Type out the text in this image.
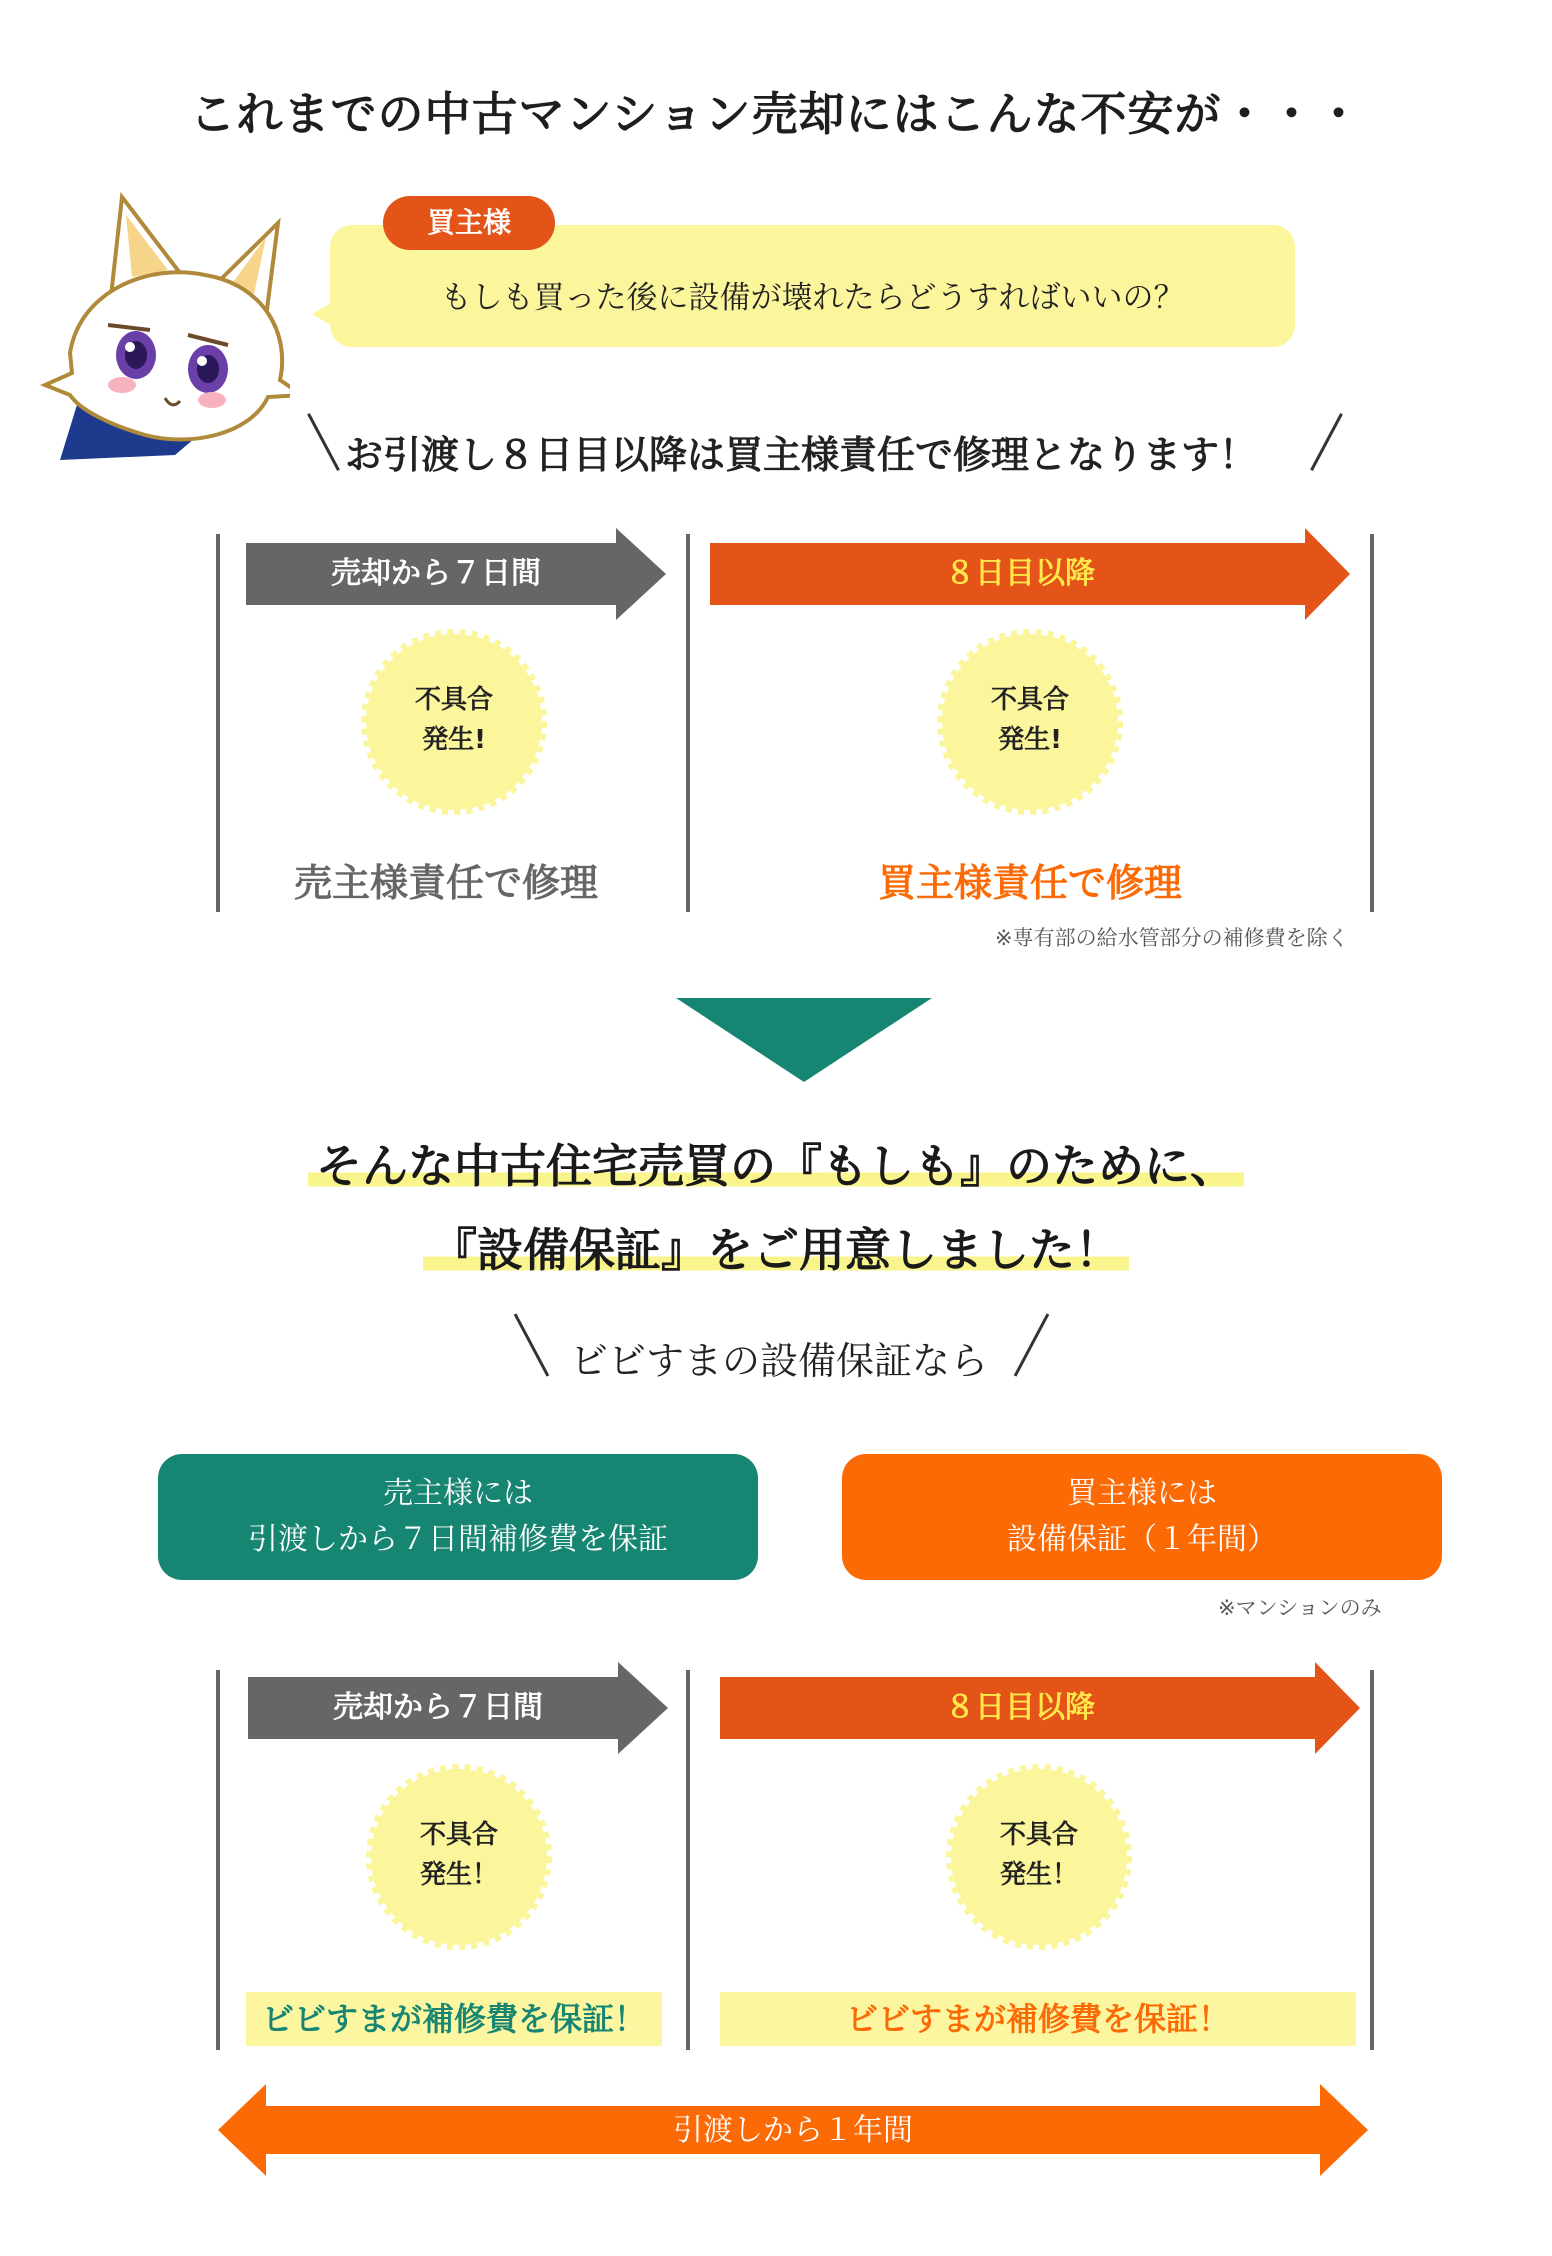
これまでの中古マンション売却にはこんな不安が・・・
買主様
もしも買った後に設備が壊れたらどうすればいいの？
お引渡し８日目以降は買主様責任で修理となります！
売却から７日間	８日目以降
不具合
発生!
不具合
発生!
売主様責任で修理	買主様責任で修理
※専有部の給水管部分の補修費を除く
そんな中古住宅売買の『もしも』のために、
『設備保証』をご用意しました！
ビビすまの設備保証なら
売主様には
引渡しから７日間補修費を保証
買主様には
設備保証（１年間）
※マンションのみ
売却から７日間	８日目以降
不具合
発生！
不具合
発生！
ビビすまが補修費を保証！	ビビすまが補修費を保証！
引渡しから１年間
